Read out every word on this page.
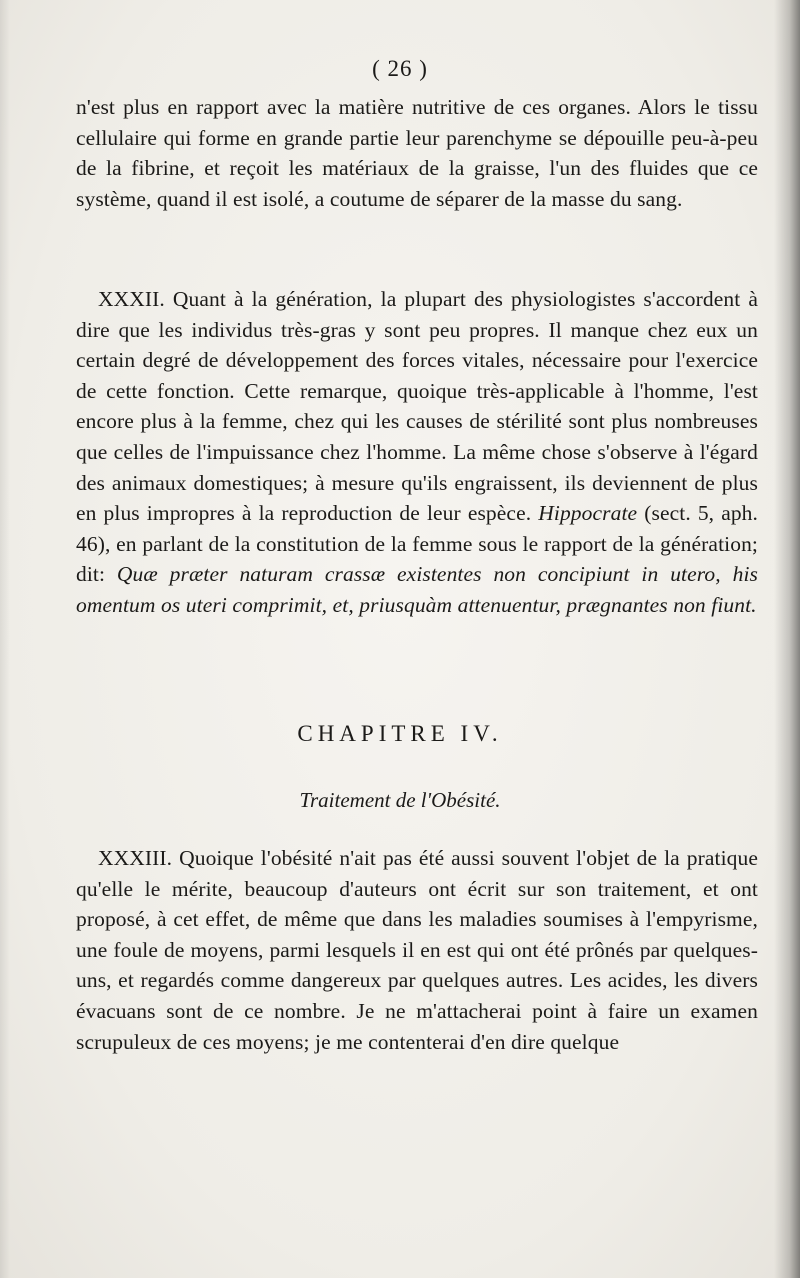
( 26 )

n'est plus en rapport avec la matière nutritive de ces organes. Alors le tissu cellulaire qui forme en grande partie leur parenchyme se dépouille peu-à-peu de la fibrine, et reçoit les matériaux de la graisse, l'un des fluides que ce système, quand il est isolé, a coutume de séparer de la masse du sang.

XXXII. Quant à la génération, la plupart des physiologistes s'accordent à dire que les individus très-gras y sont peu propres. Il manque chez eux un certain degré de développement des forces vitales, nécessaire pour l'exercice de cette fonction. Cette remarque, quoique très-applicable à l'homme, l'est encore plus à la femme, chez qui les causes de stérilité sont plus nombreuses que celles de l'impuissance chez l'homme. La même chose s'observe à l'égard des animaux domestiques; à mesure qu'ils engraissent, ils deviennent de plus en plus impropres à la reproduction de leur espèce. Hippocrate (sect. 5, aph. 46), en parlant de la constitution de la femme sous le rapport de la génération; dit: Quæ præter naturam crassæ existentes non concipiunt in utero, his omentum os uteri comprimit, et, priusquàm attenuentur, prægnantes non fiunt.

CHAPITRE IV.
Traitement de l'Obésité.

XXXIII. Quoique l'obésité n'ait pas été aussi souvent l'objet de la pratique qu'elle le mérite, beaucoup d'auteurs ont écrit sur son traitement, et ont proposé, à cet effet, de même que dans les maladies soumises à l'empyrisme, une foule de moyens, parmi lesquels il en est qui ont été prônés par quelques-uns, et regardés comme dangereux par quelques autres. Les acides, les divers évacuans sont de ce nombre. Je ne m'attacherai point à faire un examen scrupuleux de ces moyens; je me contenterai d'en dire quelque
